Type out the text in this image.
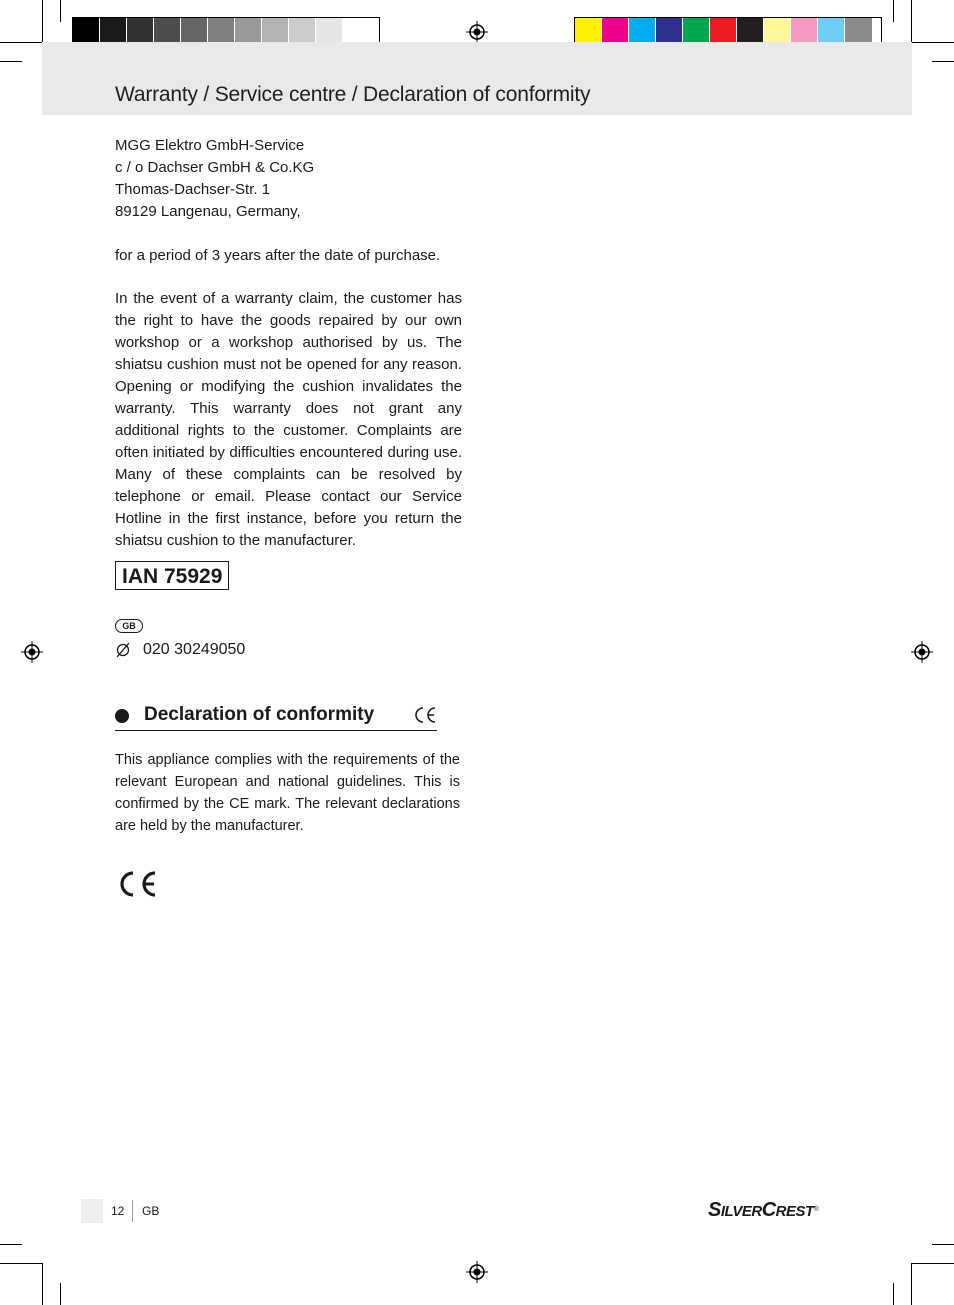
Warranty / Service centre / Declaration of conformity

MGG Elektro GmbH-Service

c / o Dachser GmbH & Co.KG

Thomas-Dachser-Str. 1

89129 Langenau, Germany,

for a period of 3 years after the date of purchase.
In the event of a warranty claim, the customer has the right to have the goods repaired by our own workshop or a workshop authorised by us. The shiatsu cushion must not be opened for any reason. Opening or modifying the cushion invalidates the warranty. This warranty does not grant any additional rights to the customer. Complaints are often initiated by difficulties encountered during use. Many of these complaints can be resolved by telephone or email. Please contact our Service Hotline in the first instance, before you return the shiatsu cushion to the manufacturer.
IAN 75929
GB
020 30249050
Declaration of conformity
This appliance complies with the requirements of the relevant European and national guidelines. This is confirmed by the CE mark. The relevant declarations are held by the manufacturer.
12 GB	SILVERCREST®
